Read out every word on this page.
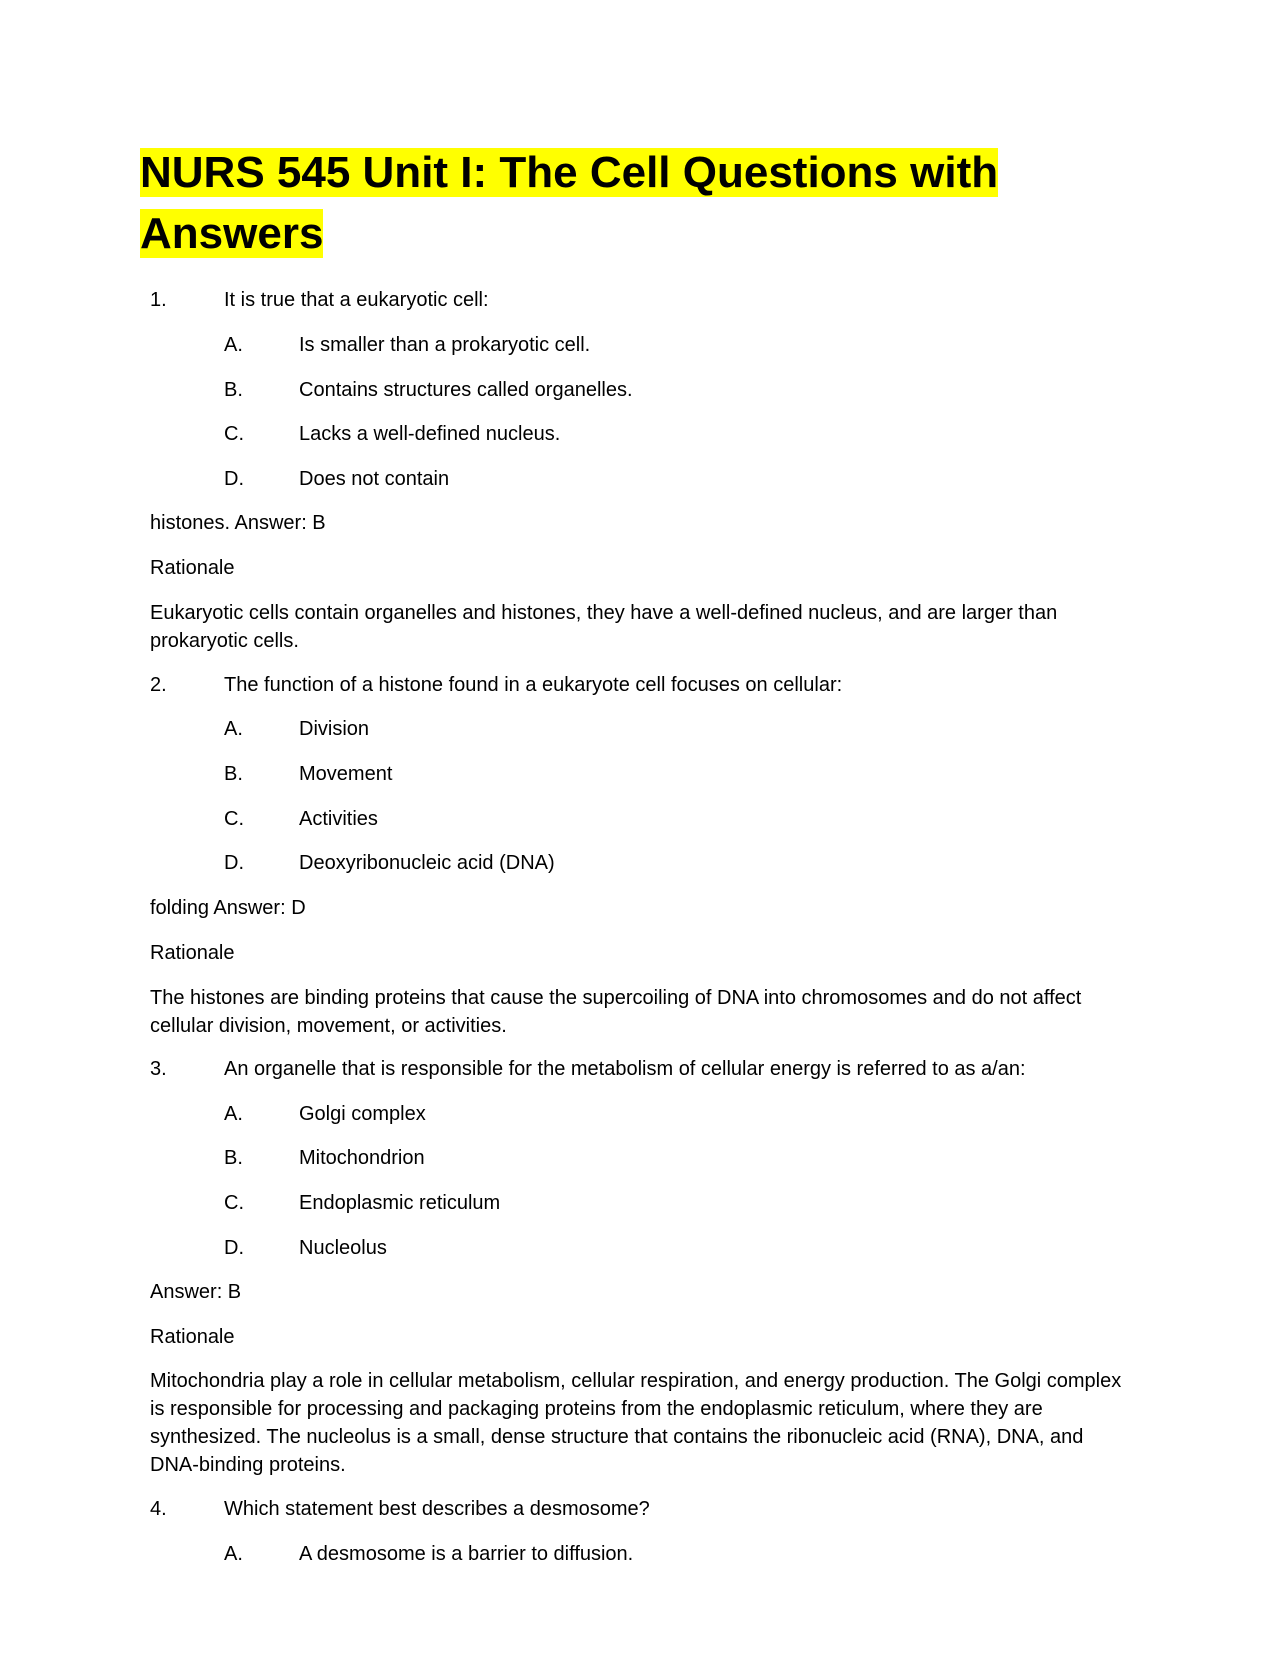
NURS 545 Unit I: The Cell Questions with
Answers
1.	It is true that a eukaryotic cell:
A.	Is smaller than a prokaryotic cell.
B.	Contains structures called organelles.
C.	Lacks a well-defined nucleus.
D.	Does not contain
histones. Answer: B
Rationale
Eukaryotic cells contain organelles and histones, they have a well-defined nucleus, and are larger than prokaryotic cells.
2.	The function of a histone found in a eukaryote cell focuses on cellular:
A.	Division
B.	Movement
C.	Activities
D.	Deoxyribonucleic acid (DNA)
folding Answer: D
Rationale
The histones are binding proteins that cause the supercoiling of DNA into chromosomes and do not affect cellular division, movement, or activities.
3.	An organelle that is responsible for the metabolism of cellular energy is referred to as a/an:
A.	Golgi complex
B.	Mitochondrion
C.	Endoplasmic reticulum
D.	Nucleolus
Answer: B
Rationale
Mitochondria play a role in cellular metabolism, cellular respiration, and energy production. The Golgi complex is responsible for processing and packaging proteins from the endoplasmic reticulum, where they are synthesized. The nucleolus is a small, dense structure that contains the ribonucleic acid (RNA), DNA, and DNA-binding proteins.
4.	Which statement best describes a desmosome?
A.	A desmosome is a barrier to diffusion.
